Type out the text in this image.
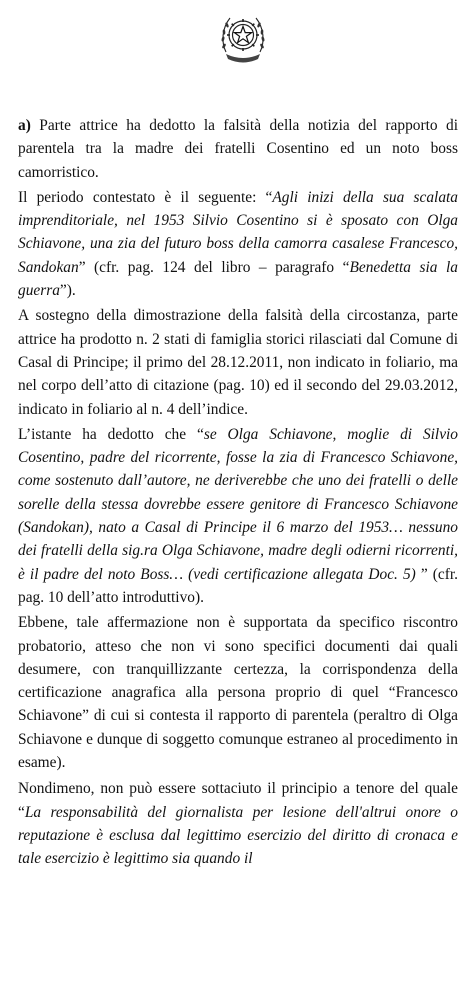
a) Parte attrice ha dedotto la falsità della notizia del rapporto di parentela tra la madre dei fratelli Cosentino ed un noto boss camorristico.

Il periodo contestato è il seguente: “Agli inizi della sua scalata imprenditoriale, nel 1953 Silvio Cosentino si è sposato con Olga Schiavone, una zia del futuro boss della camorra casalese Francesco, Sandokan” (cfr. pag. 124 del libro – paragrafo “Benedetta sia la guerra”).

A sostegno della dimostrazione della falsità della circostanza, parte attrice ha prodotto n. 2 stati di famiglia storici rilasciati dal Comune di Casal di Principe; il primo del 28.12.2011, non indicato in foliario, ma nel corpo dell’atto di citazione (pag. 10) ed il secondo del 29.03.2012, indicato in foliario al n. 4 dell’indice.

L’istante ha dedotto che “se Olga Schiavone, moglie di Silvio Cosentino, padre del ricorrente, fosse la zia di Francesco Schiavone, come sostenuto dall’autore, ne deriverebbe che uno dei fratelli o delle sorelle della stessa dovrebbe essere genitore di Francesco Schiavone (Sandokan), nato a Casal di Principe il 6 marzo del 1953… nessuno dei fratelli della sig.ra Olga Schiavone, madre degli odierni ricorrenti, è il padre del noto Boss… (vedi certificazione allegata Doc. 5) ” (cfr. pag. 10 dell’atto introduttivo).

Ebbene, tale affermazione non è supportata da specifico riscontro probatorio, atteso che non vi sono specifici documenti dai quali desumere, con tranquillizzante certezza, la corrispondenza della certificazione anagrafica alla persona proprio di quel “Francesco Schiavone” di cui si contesta il rapporto di parentela (peraltro di Olga Schiavone e dunque di soggetto comunque estraneo al procedimento in esame).

Nondimeno, non può essere sottaciuto il principio a tenore del quale “La responsabilità del giornalista per lesione dell'altrui onore o reputazione è esclusa dal legittimo esercizio del diritto di cronaca e tale esercizio è legittimo sia quando il
